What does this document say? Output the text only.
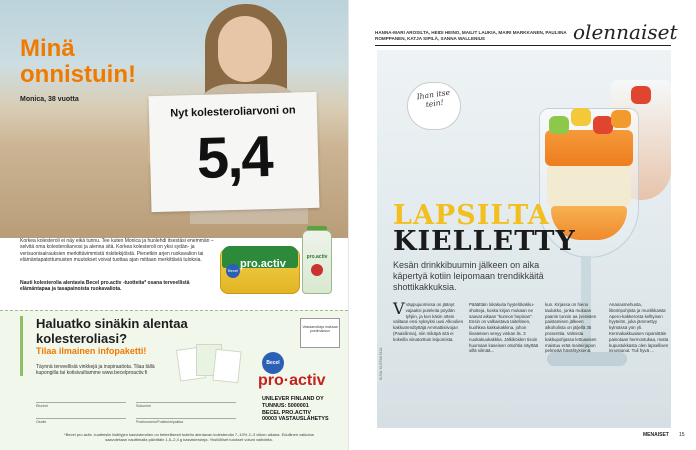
Nyt kolesteroliarvoni on
5,4
Minä
onnistuin!
Monica, 38 vuotta
Korkea kolesteroli ei näy eikä tunnu. Tee kuten Monica ja huolehdi itsestäsi enemmän – selvitä oma kolesteroliarvosi ja alenna sitä. Korkea kolesteroli on yksi sydän- ja verisuonisairauksien merkittävimmistä riskitekijöistä. Pienetkin arjen ruokavalion tai elämäntapatottumusten muutokset voivat tuottaa ajan mittaan merkittäviä tuloksia.
Nauti kolesterolia alentavia Becel pro.activ -tuotteita* osana terveellistä elämäntapaa ja tasapainoista ruokavaliota.
Becel
pro.activ
pro.activ
Haluatko sinäkin alentaa kolesteroliasi?
Tilaa ilmainen infopaketti!
Täynnä terveellisiä vinkkejä ja inspiraatiota. Tilaa tällä kupongilla tai kotisivuiltamme www.becelproactiv.fi
Vastaanottaja maksaa postimaksun
Becel
pro·activ
UNILEVER FINLAND OY
TUNNUS: 5000001
BECEL PRO.ACTIV
00003 VASTAUSLÄHETYS
Etunimi	Sukunimi
Osoite	Postinumero/Postitoimipaikka
*Becel pro.activ -tuotteisiin lisättyjen kasvisterolien on tieteellisesti todettu alentavan kolesterolia 7–10% 2–3 viikon aikana. Edullinen vaikutus saavutetaan nauttimalla päivittäin 1,5–2,4 g kasvisteroleja. Yksilölliset tulokset voivat vaihdella.
HANNA-MARI AROSILTA, HEIDI HEINO, MAILIT LAUKIA, MAIRI MARKKANEN, PAULIINA ROMPPANEN, KATJA SIPILÄ, SANNA WALLENIUS	olennaiset
Ihan itse tein!
LAPSILTA
KIELLETTY
Kesän drinkkibuumin jälkeen on aika käpertyä kotiin leipomaan trendikkäitä shottikakkuksia.
V Vappujuomissa on jäänyt vajaaksi puteleita pöydän tyhjiin, ja kun käsin ottein valitaan ensi syksyksi uusi Alkoolien kakkutrendtyttäjä Ammattisiivojan (Paasilinna), niin mikäpä sitä ei kokeilla viinatorttuin leipomista.
Pääättäin lokakuita hyytelökakku-shotteja, koska kirjan mukaan ne saavat aikaan "kunnon hepinan". Ensin on valkaistava taiteltinen, kuohkea kakkukakkina, johon liivateteen venyy vinkan lis. 3 nuokakuukakkka. Jälkiköiden tisoin huomaan kaseisen otsohtia näyttää sillä silmää...
kun. Kirjassa on hieno taulukko, jonka mukaan paanin tunnin aa (vesisten paistamisen jälkeen alkoholista on jäljellä 35 prosenttia. Valmista kakkupohjassa lettuaaisen maistuu erää maiteirjapon pelmeää hävähtyksenä.
Ananasmehusta, likööripohjista ja mustikkaista Apero-kakkerosta kelltyisen hyytelön, joka jämmettyy kylmässä yön yli. Kermakakkuaisen nipamittäin painotaan hermostukaa, mutta kupustukkasta olen lapsellisen innostunut. Tuli hyvä ...
KUVA: KUSTANTAJA
MENAISET 15
